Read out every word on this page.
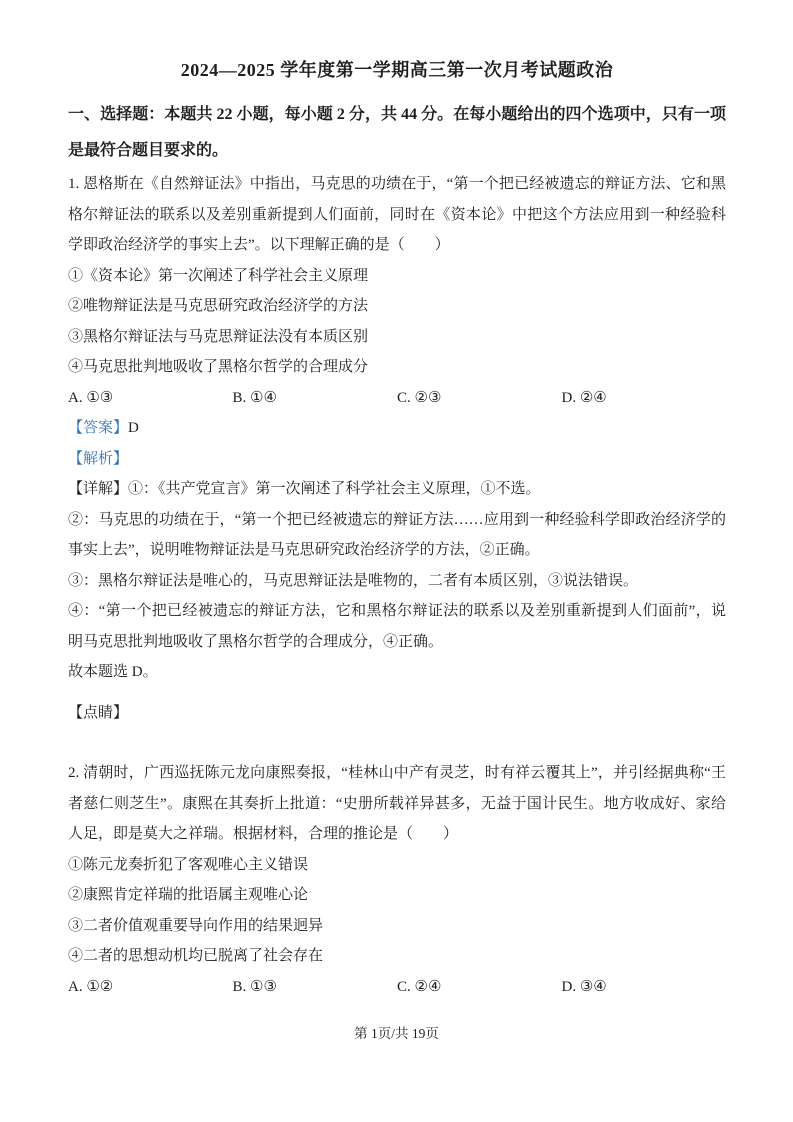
2024—2025 学年度第一学期高三第一次月考试题政治
一、选择题：本题共 22 小题，每小题 2 分，共 44 分。在每小题给出的四个选项中，只有一项是最符合题目要求的。

1. 恩格斯在《自然辩证法》中指出，马克思的功绩在于，“第一个把已经被遗忘的辩证方法、它和黑格尔辩证法的联系以及差别重新提到人们面前，同时在《资本论》中把这个方法应用到一种经验科学即政治经济学的事实上去”。以下理解正确的是（　　）

①《资本论》第一次阐述了科学社会主义原理

②唯物辩证法是马克思研究政治经济学的方法

③黑格尔辩证法与马克思辩证法没有本质区别

④马克思批判地吸收了黑格尔哲学的合理成分

A. ①③	B. ①④	C. ②③	D. ②④

【答案】D

【解析】

【详解】①：《共产党宣言》第一次阐述了科学社会主义原理，①不选。

②：马克思的功绩在于，“第一个把已经被遗忘的辩证方法……应用到一种经验科学即政治经济学的事实上去”，说明唯物辩证法是马克思研究政治经济学的方法，②正确。

③：黑格尔辩证法是唯心的，马克思辩证法是唯物的，二者有本质区别，③说法错误。

④：“第一个把已经被遗忘的辩证方法，它和黑格尔辩证法的联系以及差别重新提到人们面前”，说明马克思批判地吸收了黑格尔哲学的合理成分，④正确。

故本题选 D。

【点睛】

2. 清朝时，广西巡抚陈元龙向康熙奏报，“桂林山中产有灵芝，时有祥云覆其上”，并引经据典称“王者慈仁则芝生”。康熙在其奏折上批道：“史册所载祥异甚多，无益于国计民生。地方收成好、家给人足，即是莫大之祥瑞。根据材料，合理的推论是（　　）

①陈元龙奏折犯了客观唯心主义错误

②康熙肯定祥瑞的批语属主观唯心论

③二者价值观重要导向作用的结果迥异

④二者的思想动机均已脱离了社会存在

A. ①②	B. ①③	C. ②④	D. ③④
第 1页/共 19页
